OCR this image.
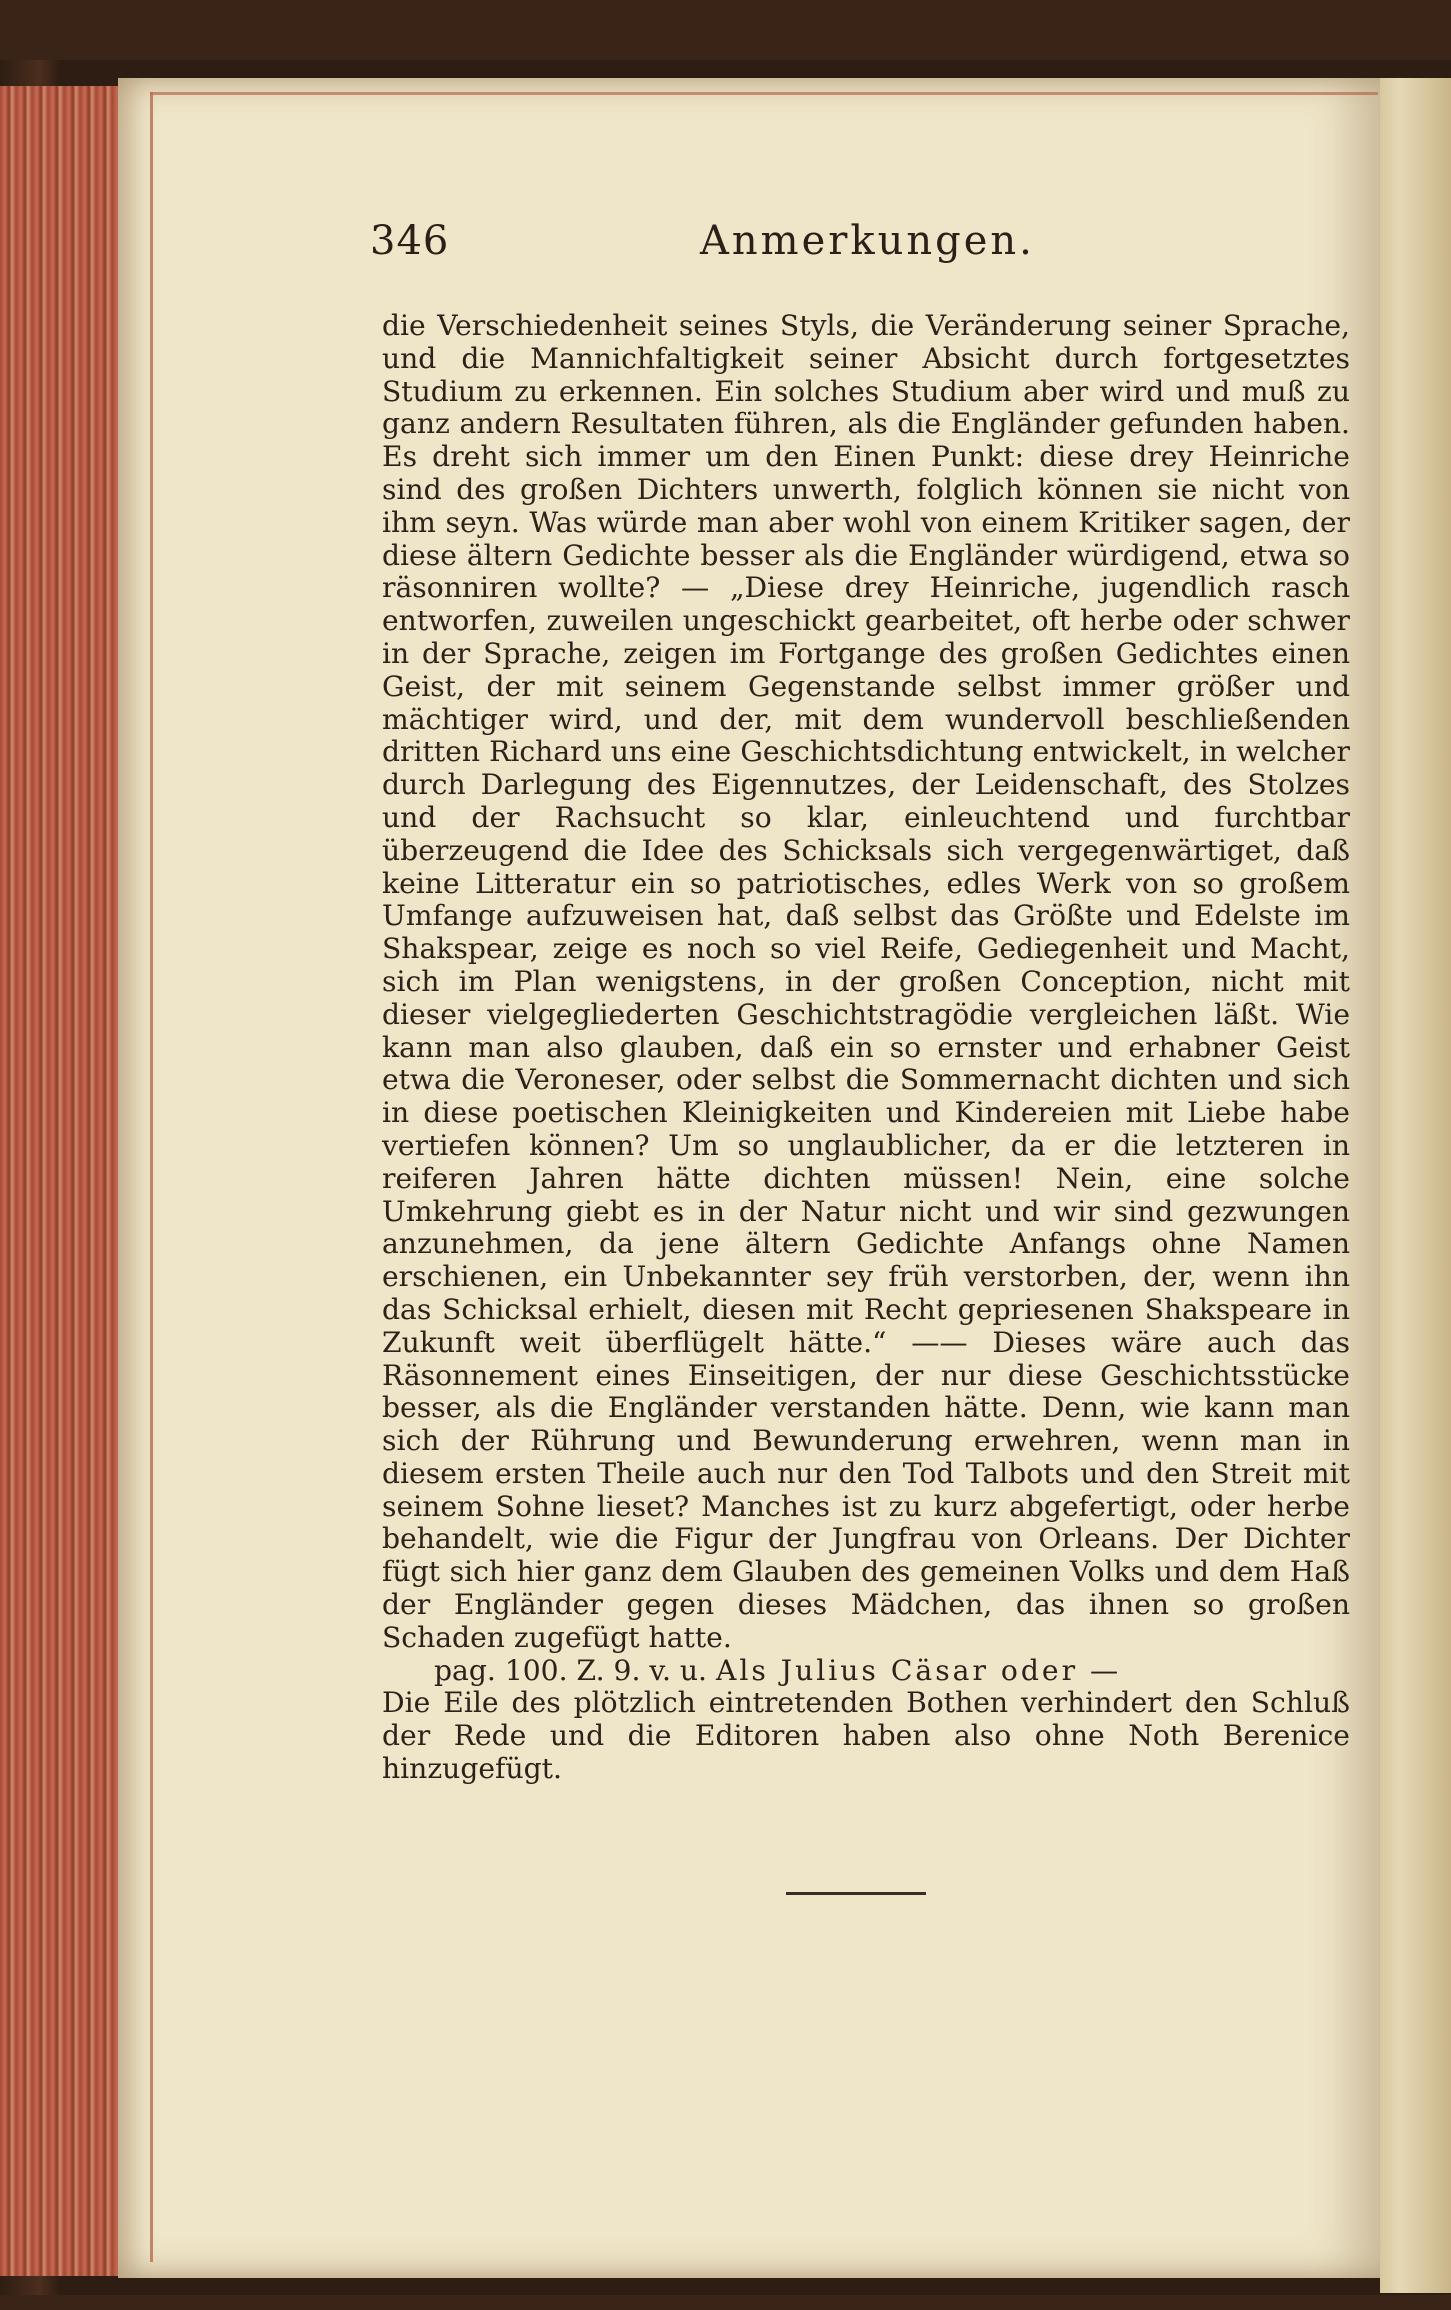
346	Anmerkungen.

die Verschiedenheit seines Styls, die Veränderung seiner Sprache, und die Mannichfaltigkeit seiner Absicht durch fortgesetztes Studium zu erkennen. Ein solches Studium aber wird und muß zu ganz andern Resultaten führen, als die Engländer gefunden haben. Es dreht sich immer um den Einen Punkt: diese drey Heinriche sind des großen Dichters unwerth, folglich können sie nicht von ihm seyn. Was würde man aber wohl von einem Kritiker sagen, der diese ältern Gedichte besser als die Engländer würdigend, etwa so räsonniren wollte? — „Diese drey Heinriche, jugendlich rasch entworfen, zuweilen ungeschickt gearbeitet, oft herbe oder schwer in der Sprache, zeigen im Fortgange des großen Gedichtes einen Geist, der mit seinem Gegenstande selbst immer größer und mächtiger wird, und der, mit dem wundervoll beschließenden dritten Richard uns eine Geschichtsdichtung entwickelt, in welcher durch Darlegung des Eigennutzes, der Leidenschaft, des Stolzes und der Rachsucht so klar, einleuchtend und furchtbar überzeugend die Idee des Schicksals sich vergegenwärtiget, daß keine Litteratur ein so patriotisches, edles Werk von so großem Umfange aufzuweisen hat, daß selbst das Größte und Edelste im Shakspear, zeige es noch so viel Reife, Gediegenheit und Macht, sich im Plan wenigstens, in der großen Conception, nicht mit dieser vielgegliederten Geschichtstragödie vergleichen läßt. Wie kann man also glauben, daß ein so ernster und erhabner Geist etwa die Veroneser, oder selbst die Sommernacht dichten und sich in diese poetischen Kleinigkeiten und Kindereien mit Liebe habe vertiefen können? Um so unglaublicher, da er die letzteren in reiferen Jahren hätte dichten müssen! Nein, eine solche Umkehrung giebt es in der Natur nicht und wir sind gezwungen anzunehmen, da jene ältern Gedichte Anfangs ohne Namen erschienen, ein Unbekannter sey früh verstorben, der, wenn ihn das Schicksal erhielt, diesen mit Recht gepriesenen Shakspeare in Zukunft weit überflügelt hätte.“ —— Dieses wäre auch das Räsonnement eines Einseitigen, der nur diese Geschichtsstücke besser, als die Engländer verstanden hätte. Denn, wie kann man sich der Rührung und Bewunderung erwehren, wenn man in diesem ersten Theile auch nur den Tod Talbots und den Streit mit seinem Sohne lieset? Manches ist zu kurz abgefertigt, oder herbe behandelt, wie die Figur der Jungfrau von Orleans. Der Dichter fügt sich hier ganz dem Glauben des gemeinen Volks und dem Haß der Engländer gegen dieses Mädchen, das ihnen so großen Schaden zugefügt hatte.

pag. 100. Z. 9. v. u. Als Julius Cäsar oder —

Die Eile des plötzlich eintretenden Bothen verhindert den Schluß der Rede und die Editoren haben also ohne Noth Berenice hinzugefügt.
